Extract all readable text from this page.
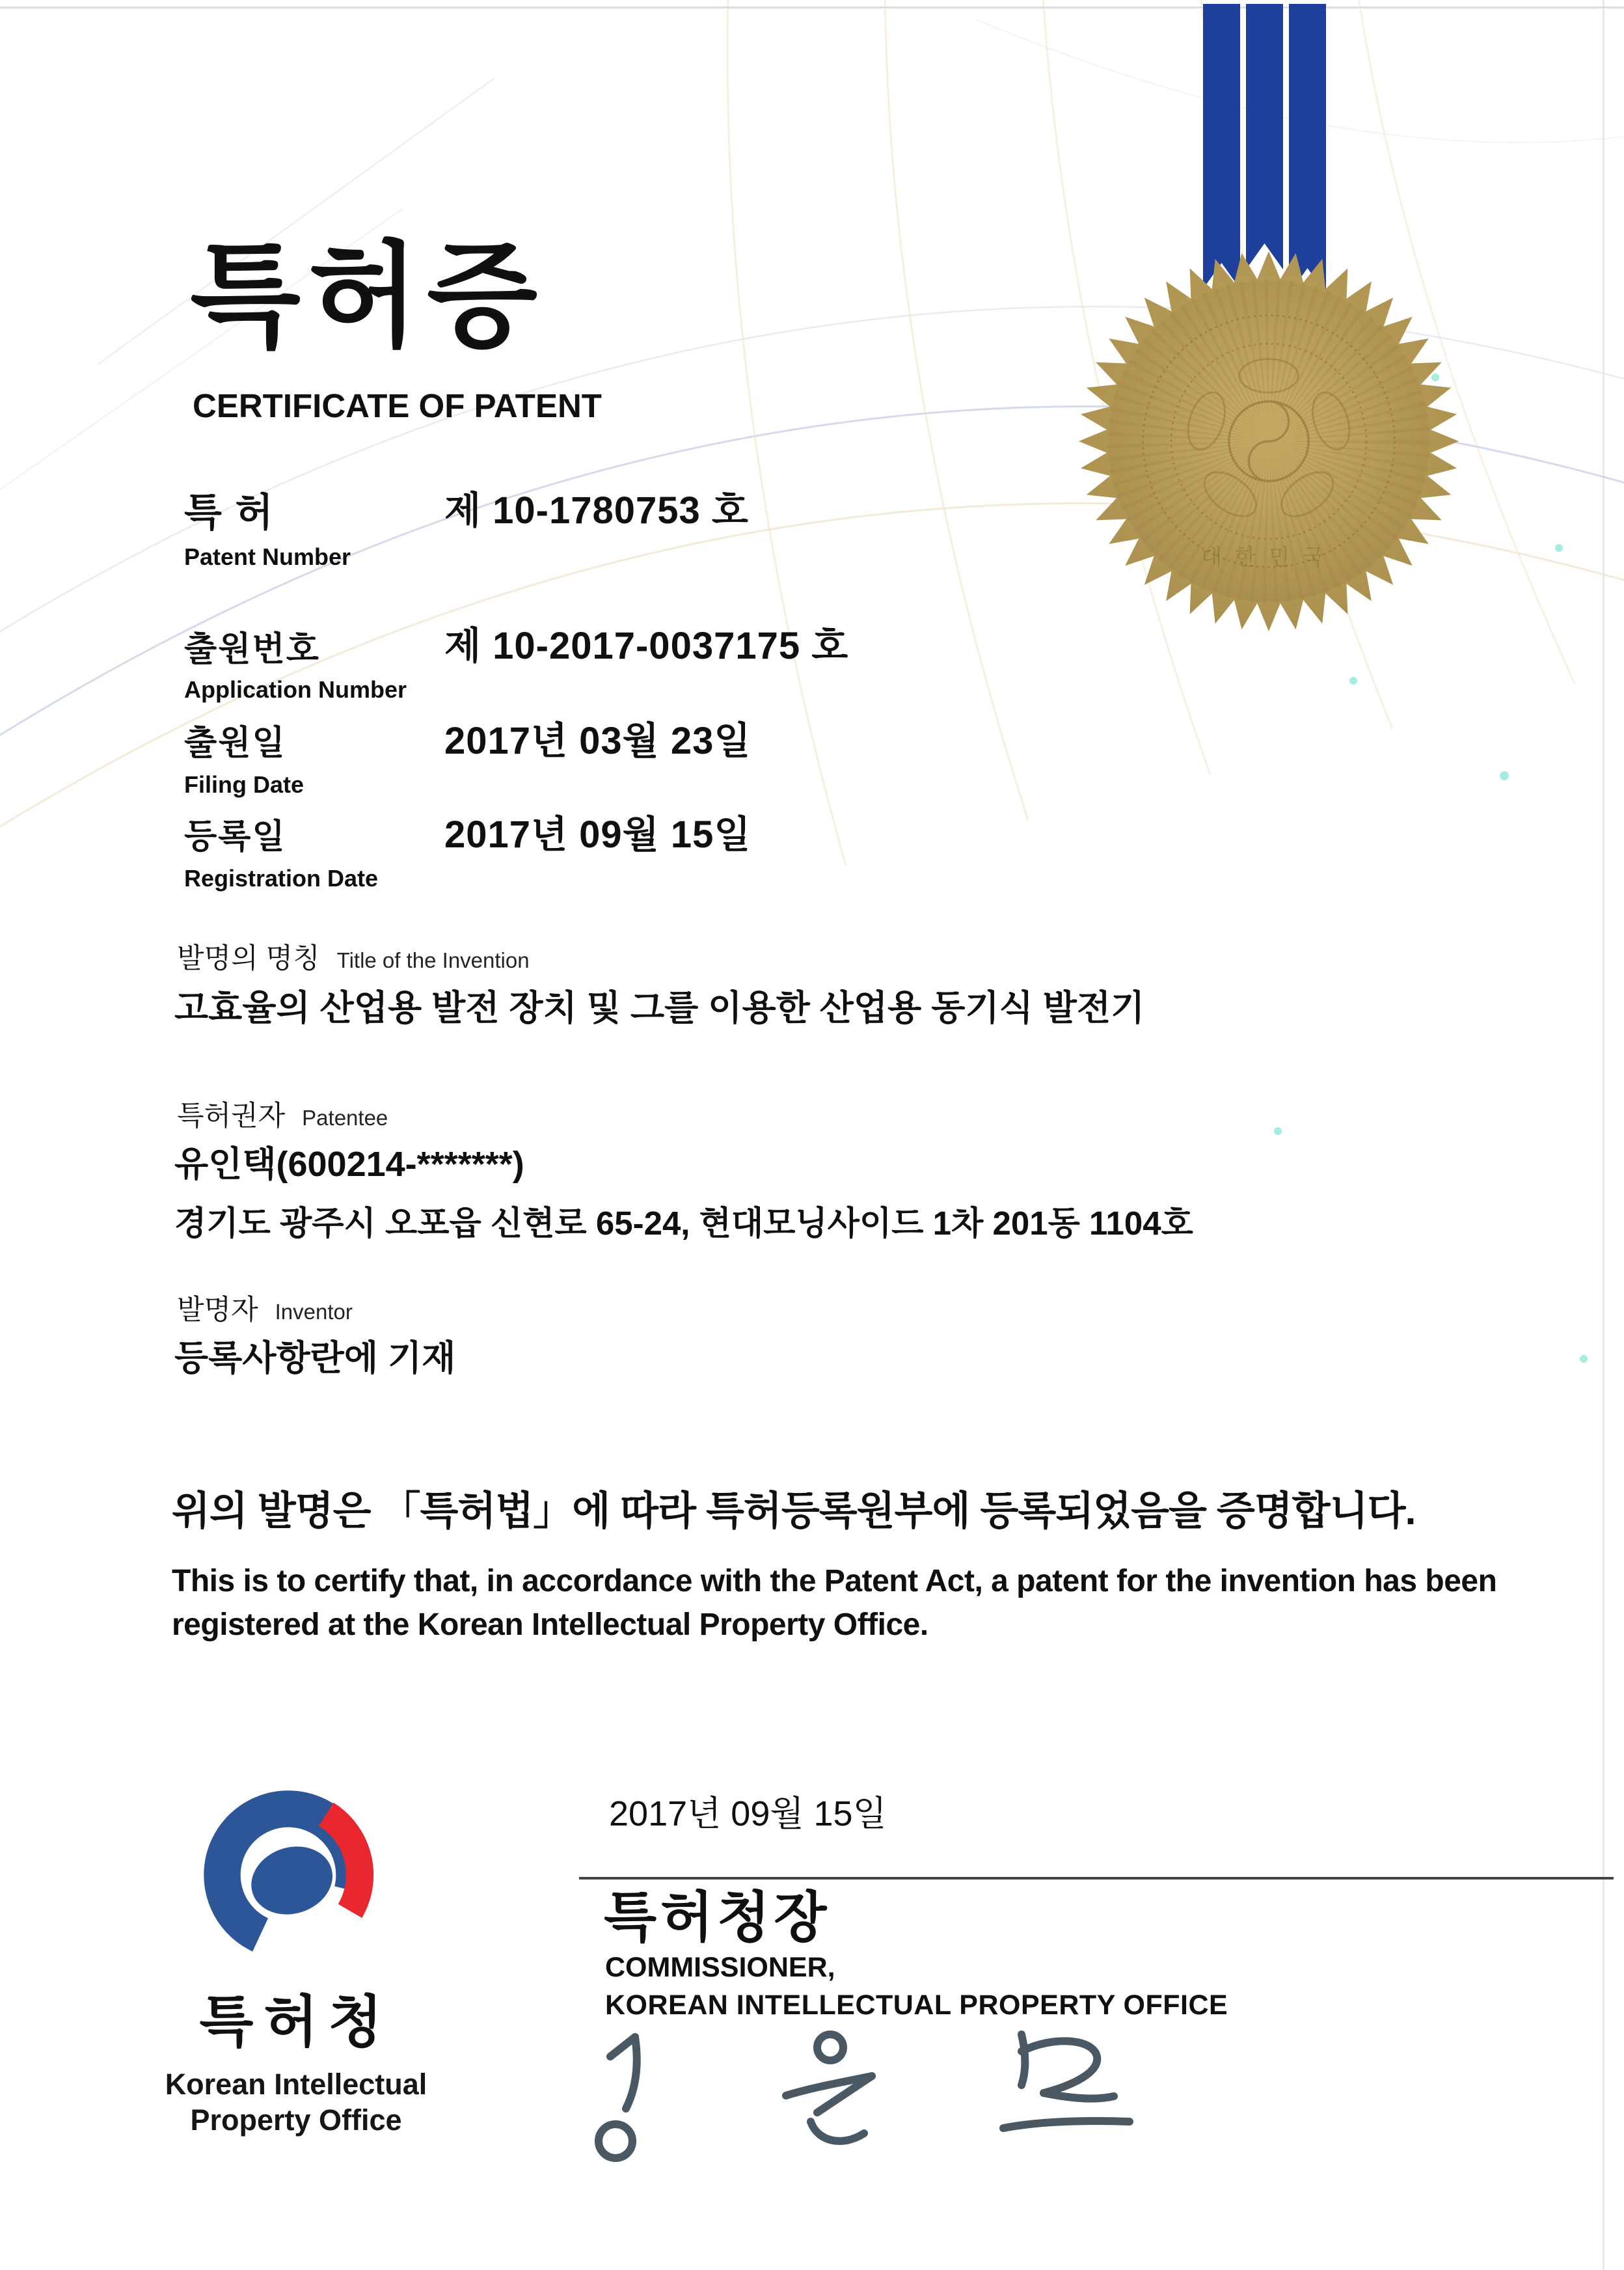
대한민국
특허증
CERTIFICATE OF PATENT
특 허
Patent Number
제 10-1780753 호
출원번호
Application Number
제 10-2017-0037175 호
출원일
Filing Date
2017년 03월 23일
등록일
Registration Date
2017년 09월 15일
발명의 명칭 Title of the Invention
고효율의 산업용 발전 장치 및 그를 이용한 산업용 동기식 발전기
특허권자 Patentee
유인택(600214-*******)
경기도 광주시 오포읍 신현로 65-24, 현대모닝사이드 1차 201동 1104호
발명자 Inventor
등록사항란에 기재
위의 발명은 「특허법」에 따라 특허등록원부에 등록되었음을 증명합니다.
This is to certify that, in accordance with the Patent Act, a patent for the invention has been registered at the Korean Intellectual Property Office.
2017년 09월 15일
특허청장
COMMISSIONER,
KOREAN INTELLECTUAL PROPERTY OFFICE
특허청
Korean Intellectual
Property Office
